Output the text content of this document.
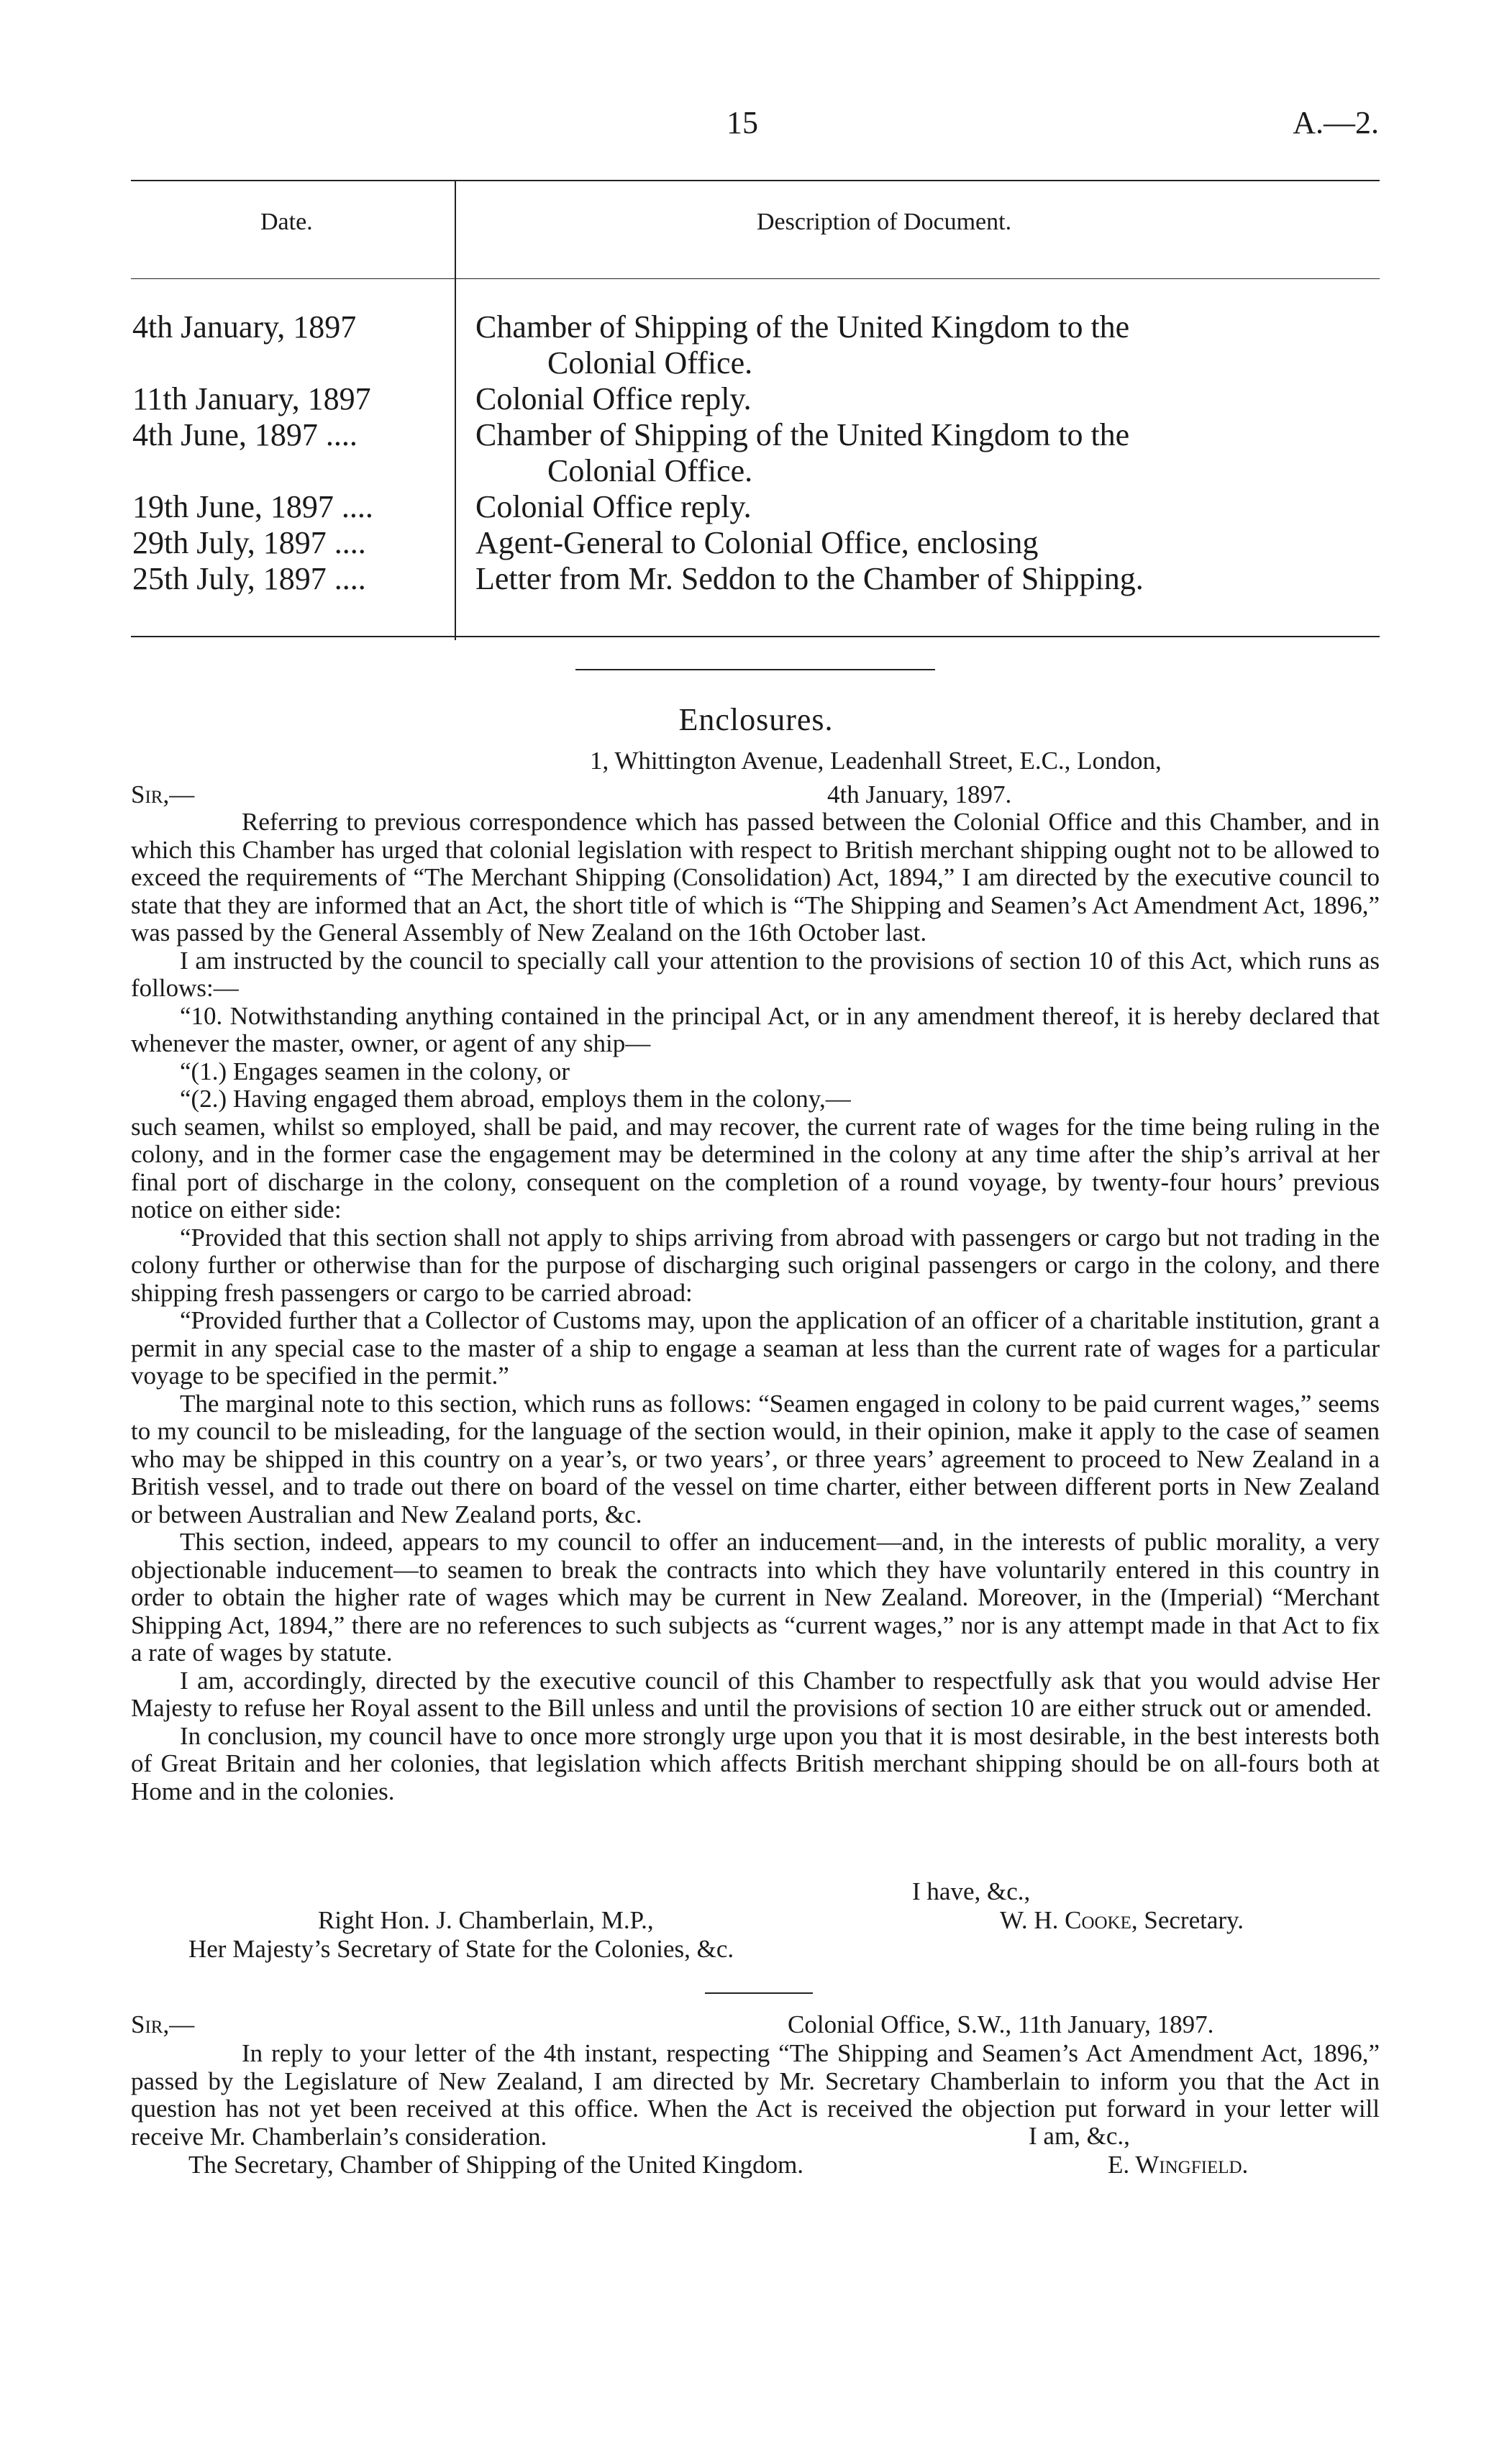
15	A.—2.
Date.	Description of Document.
4th January, 1897	Chamber of Shipping of the United Kingdom to the
Colonial Office.
11th January, 1897	Colonial Office reply.
4th June, 1897 ....	Chamber of Shipping of the United Kingdom to the
Colonial Office.
19th June, 1897 ....	Colonial Office reply.
29th July, 1897 ....	Agent-General to Colonial Office, enclosing
25th July, 1897 ....	Letter from Mr. Seddon to the Chamber of Shipping.
Enclosures.
1, Whittington Avenue, Leadenhall Street, E.C., London,
Sir,—	4th January, 1897.

Referring to previous correspondence which has passed between the Colonial Office and this Chamber, and in which this Chamber has urged that colonial legislation with respect to British merchant shipping ought not to be allowed to exceed the requirements of “The Merchant Shipping (Consolidation) Act, 1894,” I am directed by the executive council to state that they are informed that an Act, the short title of which is “The Shipping and Seamen’s Act Amendment Act, 1896,” was passed by the General Assembly of New Zealand on the 16th October last.

I am instructed by the council to specially call your attention to the provisions of section 10 of this Act, which runs as follows:—

“10. Notwithstanding anything contained in the principal Act, or in any amendment thereof, it is hereby declared that whenever the master, owner, or agent of any ship—

“(1.) Engages seamen in the colony, or

“(2.) Having engaged them abroad, employs them in the colony,—

such seamen, whilst so employed, shall be paid, and may recover, the current rate of wages for the time being ruling in the colony, and in the former case the engagement may be determined in the colony at any time after the ship’s arrival at her final port of discharge in the colony, consequent on the completion of a round voyage, by twenty-four hours’ previous notice on either side:

“Provided that this section shall not apply to ships arriving from abroad with passengers or cargo but not trading in the colony further or otherwise than for the purpose of discharging such original passengers or cargo in the colony, and there shipping fresh passengers or cargo to be carried abroad:

“Provided further that a Collector of Customs may, upon the application of an officer of a charitable institution, grant a permit in any special case to the master of a ship to engage a seaman at less than the current rate of wages for a particular voyage to be specified in the permit.”

The marginal note to this section, which runs as follows: “Seamen engaged in colony to be paid current wages,” seems to my council to be misleading, for the language of the section would, in their opinion, make it apply to the case of seamen who may be shipped in this country on a year’s, or two years’, or three years’ agreement to proceed to New Zealand in a British vessel, and to trade out there on board of the vessel on time charter, either between different ports in New Zealand or between Australian and New Zealand ports, &c.

This section, indeed, appears to my council to offer an inducement—and, in the interests of public morality, a very objectionable inducement—to seamen to break the contracts into which they have voluntarily entered in this country in order to obtain the higher rate of wages which may be current in New Zealand. Moreover, in the (Imperial) “Merchant Shipping Act, 1894,” there are no references to such subjects as “current wages,” nor is any attempt made in that Act to fix a rate of wages by statute.

I am, accordingly, directed by the executive council of this Chamber to respectfully ask that you would advise Her Majesty to refuse her Royal assent to the Bill unless and until the provisions of section 10 are either struck out or amended.

In conclusion, my council have to once more strongly urge upon you that it is most desirable, in the best interests both of Great Britain and her colonies, that legislation which affects British merchant shipping should be on all-fours both at Home and in the colonies.

I have, &c.,
Right Hon. J. Chamberlain, M.P.,	W. H. Cooke, Secretary.
Her Majesty’s Secretary of State for the Colonies, &c.
Sir,—	Colonial Office, S.W., 11th January, 1897.

In reply to your letter of the 4th instant, respecting “The Shipping and Seamen’s Act Amendment Act, 1896,” passed by the Legislature of New Zealand, I am directed by Mr. Secretary Chamberlain to inform you that the Act in question has not yet been received at this office. When the Act is received the objection put forward in your letter will receive Mr. Chamberlain’s consideration.	I am, &c.,
The Secretary, Chamber of Shipping of the United Kingdom.	E. Wingfield.
